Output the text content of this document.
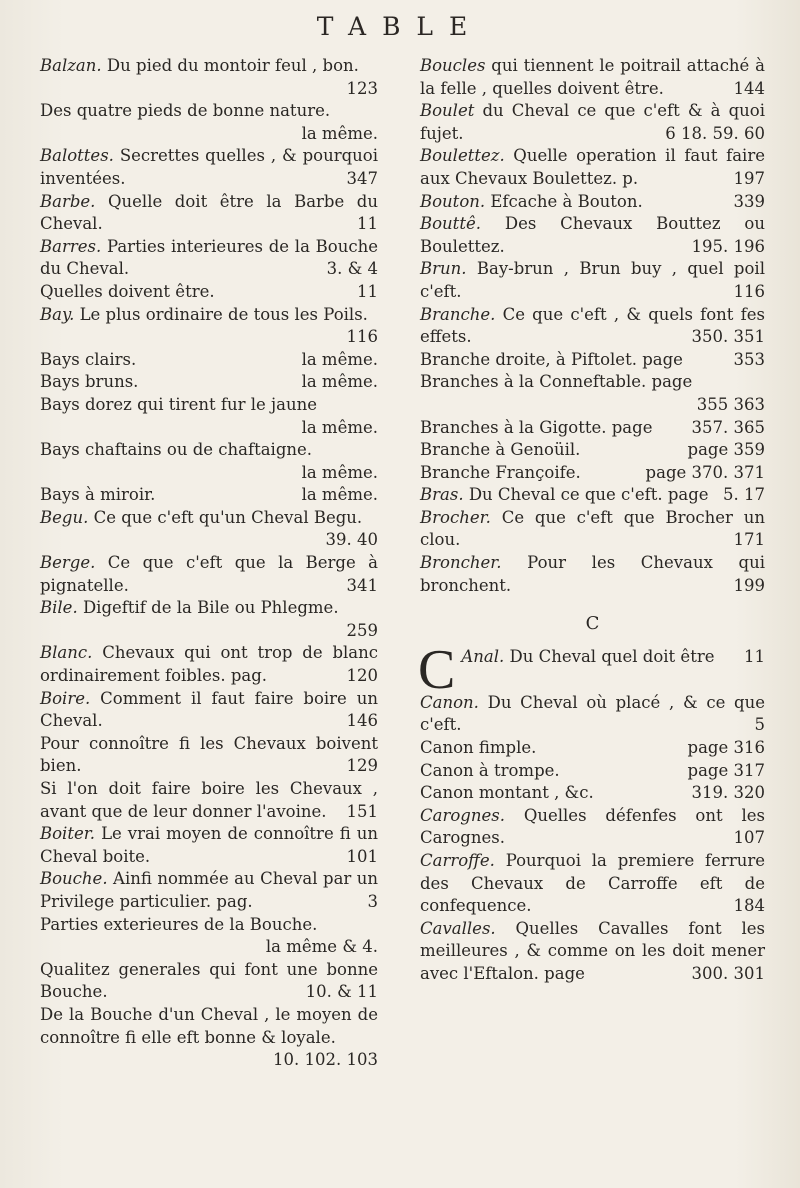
TABLE

Balzan. Du pied du montoir feul , bon.
123

Des quatre pieds de bonne nature.
la même.

Balottes. Secrettes quelles , & pourquoi inventées.	347

Barbe. Quelle doit être la Barbe du Cheval.	11

Barres. Parties interieures de la Bouche du Cheval.	3. & 4

Quelles doivent être.	11

Bay. Le plus ordinaire de tous les Poils.
116

Bays clairs.	la même.

Bays bruns.	la même.

Bays dorez qui tirent fur le jaune
la même.

Bays chaftains ou de chaftaigne.
la même.

Bays à miroir.	la même.

Begu. Ce que c'eft qu'un Cheval Begu.
39. 40

Berge. Ce que c'eft que la Berge à pignatelle.	341

Bile. Digeftif de la Bile ou Phlegme.
259

Blanc. Chevaux qui ont trop de blanc ordinairement foibles. pag.	120

Boire. Comment il faut faire boire un Cheval.	146

Pour connoître fi les Chevaux boivent bien.	129

Si l'on doit faire boire les Chevaux , avant que de leur donner l'avoine.	151

Boiter. Le vrai moyen de connoître fi un Cheval boite.	101

Bouche. Ainfi nommée au Cheval par un Privilege particulier. pag.	3

Parties exterieures de la Bouche.
la même & 4.

Qualitez generales qui font une bonne Bouche.	10. & 11

De la Bouche d'un Cheval , le moyen de connoître fi elle eft bonne & loyale.
10. 102. 103

Boucles qui tiennent le poitrail attaché à la felle , quelles doivent être.	144

Boulet du Cheval ce que c'eft & à quoi fujet.	6 18. 59. 60

Boulettez. Quelle operation il faut faire aux Chevaux Boulettez. p.	197

Bouton. Efcache à Bouton.	339

Bouttê. Des Chevaux Bouttez ou Boulettez.	195. 196

Brun. Bay-brun , Brun buy , quel poil c'eft.	116

Branche. Ce que c'eft , & quels font fes effets.	350. 351

Branche droite, à Piftolet. page	353

Branches à la Conneftable. page
355 363

Branches à la Gigotte. page	357. 365

Branche à Genoüil.	page 359

Branche Françoife.	page 370. 371

Bras. Du Cheval ce que c'eft. page 5. 17

Brocher. Ce que c'eft que Brocher un clou.	171

Broncher. Pour les Chevaux qui bronchent.	199

C

C Anal. Du Cheval quel doit être	11

Canon. Du Cheval où placé , & ce que c'eft.	5

Canon fimple.	page 316

Canon à trompe.	page 317

Canon montant , &c.	319. 320

Carognes. Quelles défenfes ont les Carognes.	107

Carroffe. Pourquoi la premiere ferrure des Chevaux de Carroffe eft de confequence.	184

Cavalles. Quelles Cavalles font les meilleures , & comme on les doit mener avec l'Eftalon. page	300. 301
